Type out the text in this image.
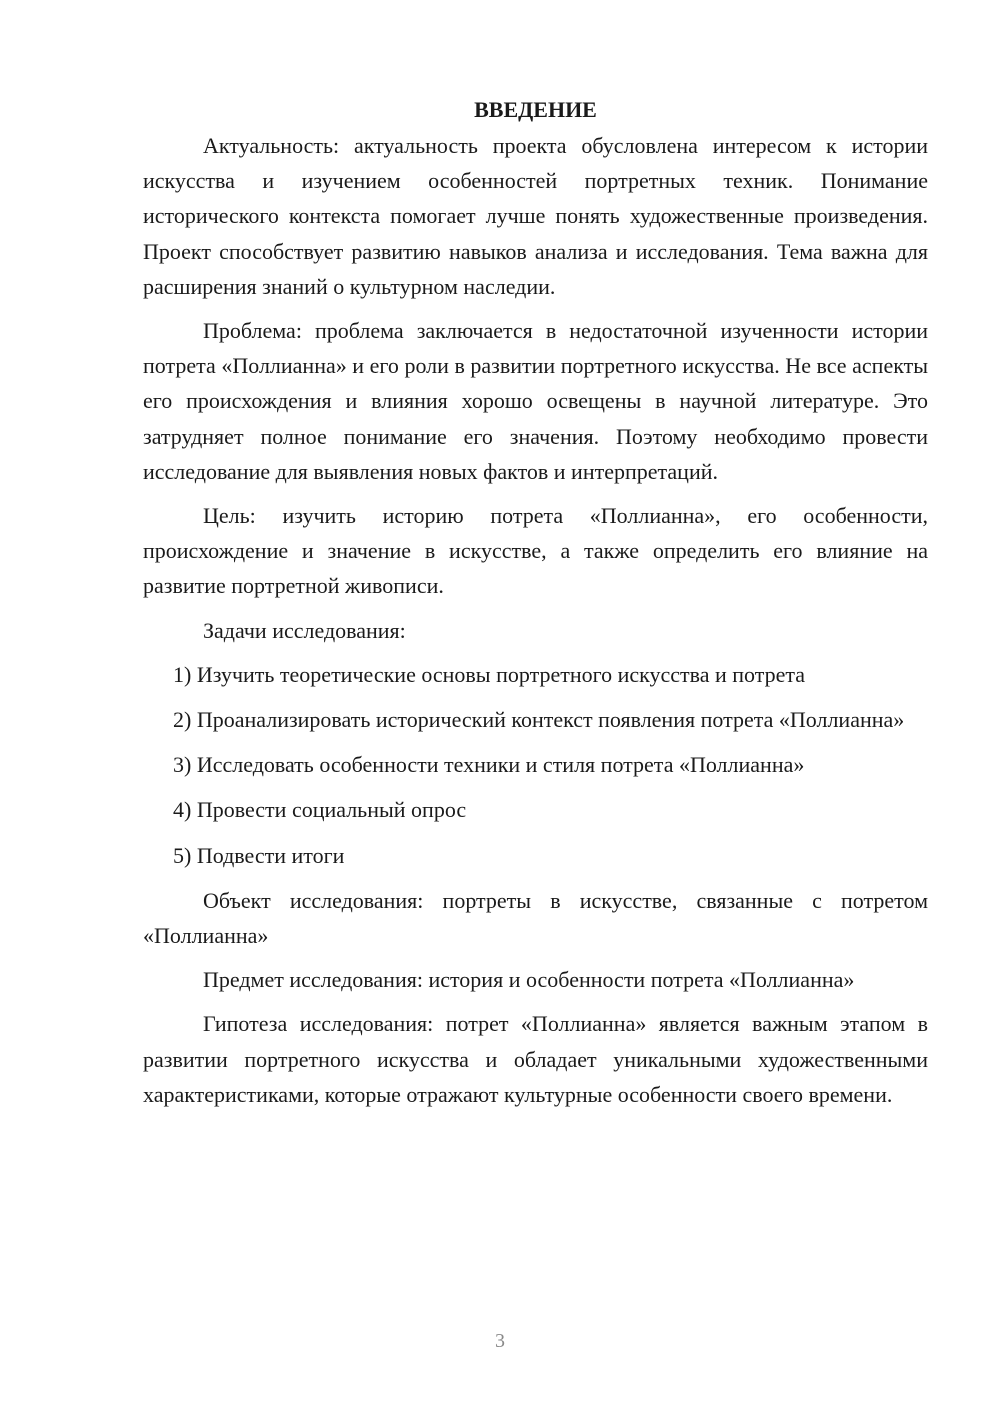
ВВЕДЕНИЕ

Актуальность: актуальность проекта обусловлена интересом к истории искусства и изучением особенностей портретных техник. Понимание исторического контекста помогает лучше понять художественные произведения. Проект способствует развитию навыков анализа и исследования. Тема важна для расширения знаний о культурном наследии.

Проблема: проблема заключается в недостаточной изученности истории потрета «Поллианна» и его роли в развитии портретного искусства. Не все аспекты его происхождения и влияния хорошо освещены в научной литературе. Это затрудняет полное понимание его значения. Поэтому необходимо провести исследование для выявления новых фактов и интерпретаций.

Цель: изучить историю потрета «Поллианна», его особенности, происхождение и значение в искусстве, а также определить его влияние на развитие портретной живописи.

Задачи исследования:

1) Изучить теоретические основы портретного искусства и потрета

2) Проанализировать исторический контекст появления потрета «Поллианна»

3) Исследовать особенности техники и стиля потрета «Поллианна»

4) Провести социальный опрос

5) Подвести итоги

Объект исследования: портреты в искусстве, связанные с потретом «Поллианна»

Предмет исследования: история и особенности потрета «Поллианна»

Гипотеза исследования: потрет «Поллианна» является важным этапом в развитии портретного искусства и обладает уникальными художественными характеристиками, которые отражают культурные особенности своего времени.

3
